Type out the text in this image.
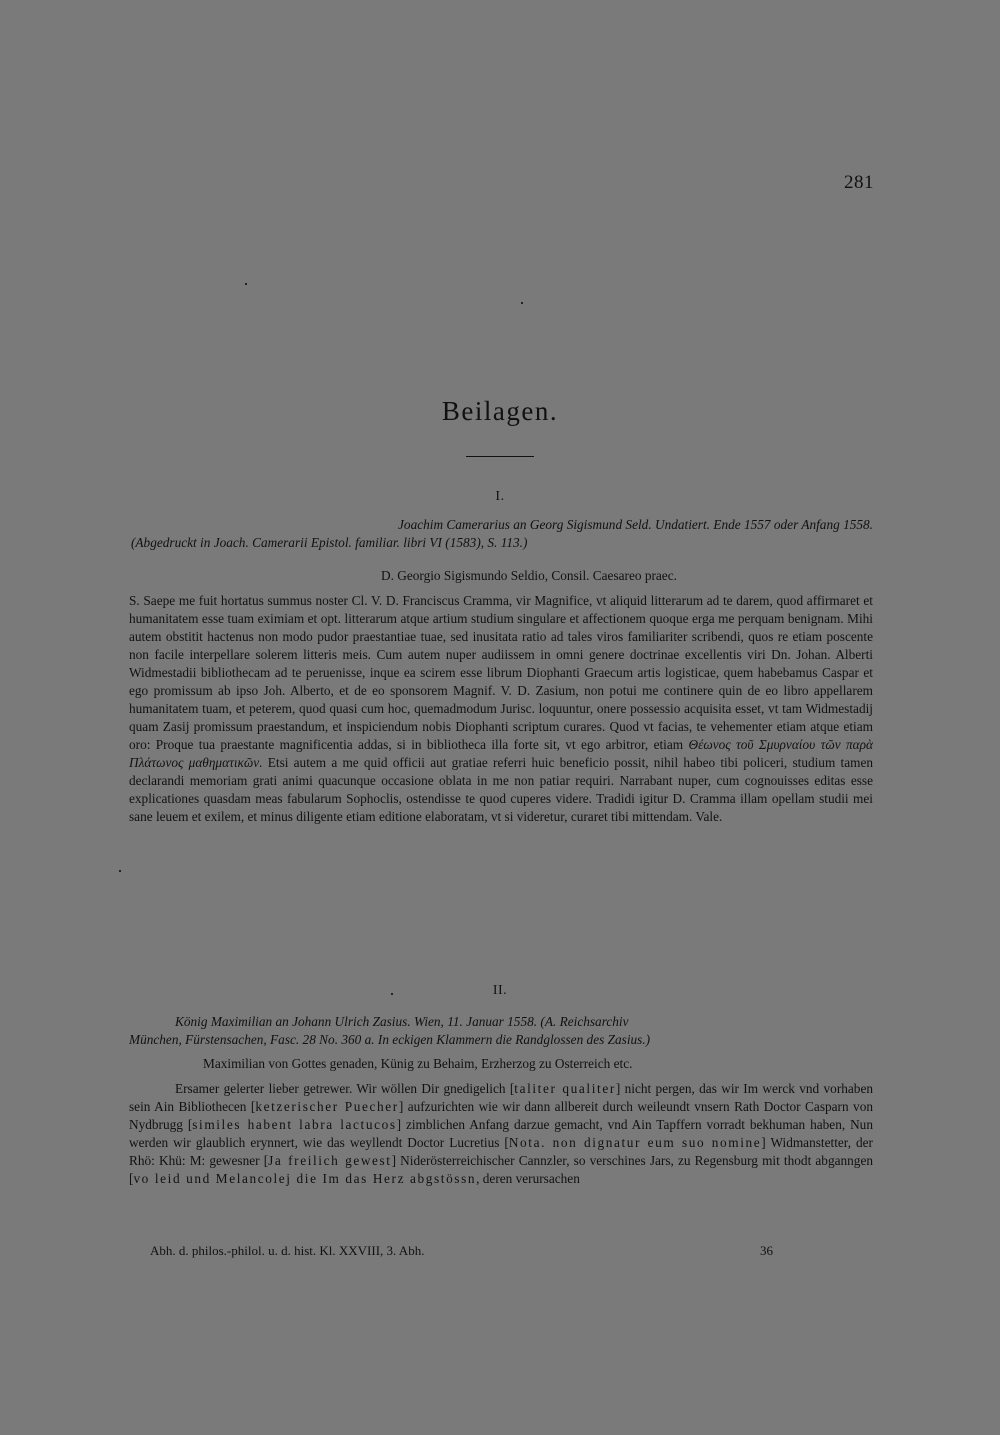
281
Beilagen.
I.
Joachim Camerarius an Georg Sigismund Seld. Undatiert. Ende 1557 oder Anfang 1558.
(Abgedruckt in Joach. Camerarii Epistol. familiar. libri VI (1583), S. 113.)
D. Georgio Sigismundo Seldio, Consil. Caesareo praec.
S. Saepe me fuit hortatus summus noster Cl. V. D. Franciscus Cramma, vir Magnifice, vt aliquid litterarum ad te darem, quod affirmaret et humanitatem esse tuam eximiam et opt. litterarum atque artium studium singulare et affectionem quoque erga me perquam benignam. Mihi autem obstitit hactenus non modo pudor praestantiae tuae, sed inusitata ratio ad tales viros familiariter scribendi, quos re etiam poscente non facile interpellare solerem litteris meis. Cum autem nuper audiissem in omni genere doctrinae excellentis viri Dn. Johan. Alberti Widmestadii bibliothecam ad te peruenisse, inque ea scirem esse librum Diophanti Graecum artis logisticae, quem habebamus Caspar et ego promissum ab ipso Joh. Alberto, et de eo sponsorem Magnif. V. D. Zasium, non potui me continere quin de eo libro appellarem humanitatem tuam, et peterem, quod quasi cum hoc, quemadmodum Jurisc. loquuntur, onere possessio acquisita esset, vt tam Widmestadij quam Zasij promissum praestandum, et inspiciendum nobis Diophanti scriptum curares. Quod vt facias, te vehementer etiam atque etiam oro: Proque tua praestante magnificentia addas, si in bibliotheca illa forte sit, vt ego arbitror, etiam Θέωνος τοῦ Σμυρναίου τῶν παρὰ Πλάτωνος μαθηματικῶν. Etsi autem a me quid officii aut gratiae referri huic beneficio possit, nihil habeo tibi policeri, studium tamen declarandi memoriam grati animi quacunque occasione oblata in me non patiar requiri. Narrabant nuper, cum cognouisses editas esse explicationes quasdam meas fabularum Sophoclis, ostendisse te quod cuperes videre. Tradidi igitur D. Cramma illam opellam studii mei sane leuem et exilem, et minus diligente etiam editione elaboratam, vt si videretur, curaret tibi mittendam. Vale.
II.
König Maximilian an Johann Ulrich Zasius. Wien, 11. Januar 1558. (A. Reichsarchiv
München, Fürstensachen, Fasc. 28 No. 360 a. In eckigen Klammern die Randglossen des Zasius.)
Maximilian von Gottes genaden, Künig zu Behaim, Erzherzog zu Osterreich etc.
Ersamer gelerter lieber getrewer. Wir wöllen Dir gnedigelich [taliter qualiter] nicht pergen, das wir Im werck vnd vorhaben sein Ain Bibliothecen [ketzerischer Puecher] aufzurichten wie wir dann allbereit durch weileundt vnsern Rath Doctor Casparn von Nydbrugg [similes habent labra lactucos] zimblichen Anfang darzue gemacht, vnd Ain Tapffern vorradt bekhuman haben, Nun werden wir glaublich erynnert, wie das weyllendt Doctor Lucretius [Nota. non dignatur eum suo nomine] Widmanstetter, der Rhö: Khü: M: gewesner [Ja freilich gewest] Niderösterreichischer Cannzler, so verschines Jars, zu Regensburg mit thodt abganngen [vo leid und Melancolej die Im das Herz abgstössn, deren verursachen
Abh. d. philos.-philol. u. d. hist. Kl. XXVIII, 3. Abh.	36
